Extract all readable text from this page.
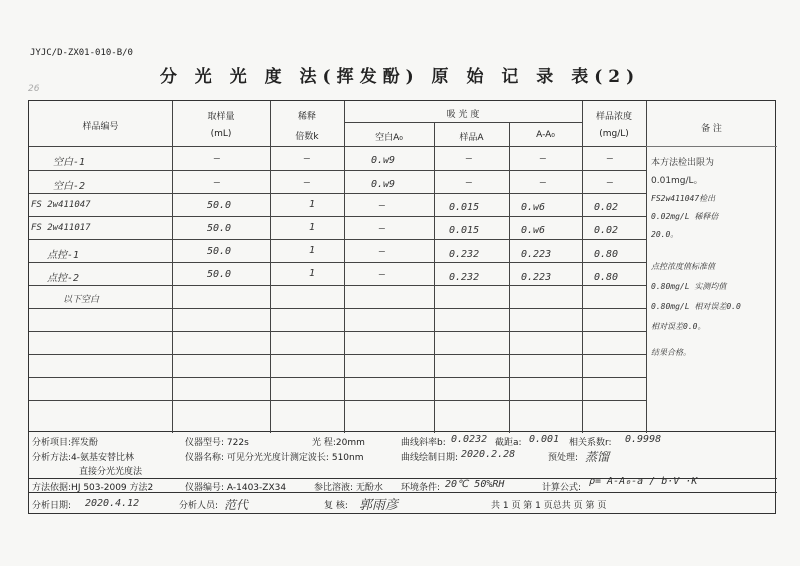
JYJC/D-ZX01-010-B/0
分 光 光 度 法(挥发酚) 原 始 记 录 表(2)
26
样品编号
取样量
(mL)
稀释
倍数k
吸 光 度
空白A₀	样品A	A-A₀
样品浓度
(mg/L)	备 注
空白-1	—	—	0.w9	—	—	—
空白-2	—	—	0.w9	—	—	—
FS 2w411047	50.0	1	—	0.015	0.w6	0.02
FS 2w411017	50.0	1	—	0.015	0.w6	0.02
点控-1	50.0	1	—	0.232	0.223	0.80
点控-2	50.0	1	—	0.232	0.223	0.80
以下空白
本方法检出限为
0.01mg/L。
FS2w411047检出
0.02mg/L 稀释倍
20.0。
点控浓度值标准值
0.80mg/L 实测均值
0.80mg/L 相对误差0.0
相对误差0.0。
结果合格。
分析项目:挥发酚	仪器型号: 722s	光 程:20mm	曲线斜率b: 0.0232 截距a: 0.001 相关系数r: 0.9998
分析方法:4-氨基安替比林
直接分光光度法
仪器名称: 可见分光光度计测定波长: 510nm	曲线绘制日期: 2020.2.28	预处理: 蒸馏
方法依据:HJ 503-2009 方法2	仪器编号: A-1403-ZX34	参比溶液: 无酚水 环境条件: 20℃ 50%RH	计算公式:
ρ= A-A₀-a / b·V ·K
分析日期: 2020.4.12	分析人员: 范代	复 核: 郭雨彦	共 1 页 第 1 页总共 页 第 页
